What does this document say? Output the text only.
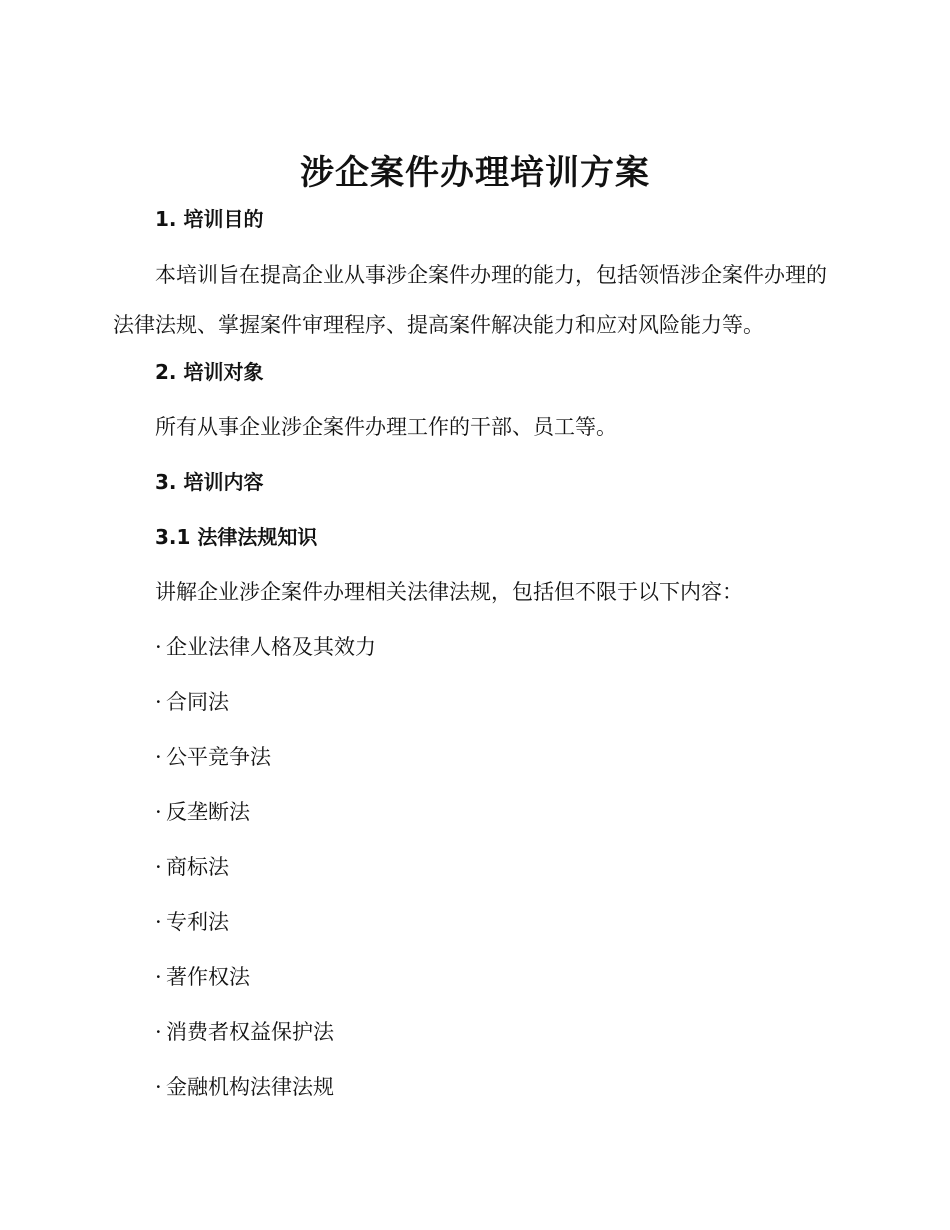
涉企案件办理培训方案
1. 培训目的
本培训旨在提高企业从事涉企案件办理的能力，包括领悟涉企案件办理的法律法规、掌握案件审理程序、提高案件解决能力和应对风险能力等。
2. 培训对象
所有从事企业涉企案件办理工作的干部、员工等。
3. 培训内容
3.1 法律法规知识
讲解企业涉企案件办理相关法律法规，包括但不限于以下内容：
· 企业法律人格及其效力
· 合同法
· 公平竞争法
· 反垄断法
· 商标法
· 专利法
· 著作权法
· 消费者权益保护法
· 金融机构法律法规
